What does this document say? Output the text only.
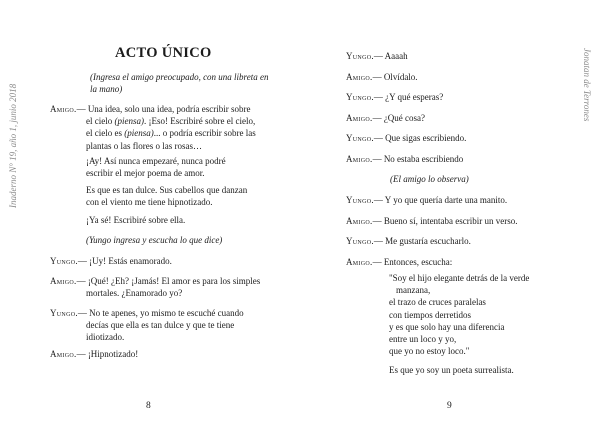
Inaderno N° 19, año 1, junio 2018
ACTO ÚNICO
(Ingresa el amigo preocupado, con una libreta en la mano)
Amigo.— Una idea, solo una idea, podría escribir sobre
el cielo (piensa). ¡Eso! Escribiré sobre el cielo,
el cielo es (piensa)... o podría escribir sobre las
plantas o las flores o las rosas…
¡Ay! Así nunca empezaré, nunca podré
escribir el mejor poema de amor.
Es que es tan dulce. Sus cabellos que danzan
con el viento me tiene hipnotizado.
¡Ya sé! Escribiré sobre ella.
(Yungo ingresa y escucha lo que dice)
Yungo.— ¡Uy! Estás enamorado.
Amigo.— ¡Qué! ¿Eh? ¡Jamás! El amor es para los simples
mortales. ¿Enamorado yo?
Yungo.— No te apenes, yo mismo te escuché cuando
decías que ella es tan dulce y que te tiene
idiotizado.
Amigo.— ¡Hipnotizado!
8
Jonatan de Terrones
Yungo.— Aaaah
Amigo.— Olvídalo.
Yungo.— ¿Y qué esperas?
Amigo.— ¿Qué cosa?
Yungo.— Que sigas escribiendo.
Amigo.— No estaba escribiendo
(El amigo lo observa)
Yungo.— Y yo que quería darte una manito.
Amigo.— Bueno sí, intentaba escribir un verso.
Yungo.— Me gustaría escucharlo.
Amigo.— Entonces, escucha:
"Soy el hijo elegante detrás de la verde
manzana,
el trazo de cruces paralelas
con tiempos derretidos
y es que solo hay una diferencia
entre un loco y yo,
que yo no estoy loco."
Es que yo soy un poeta surrealista.
9
